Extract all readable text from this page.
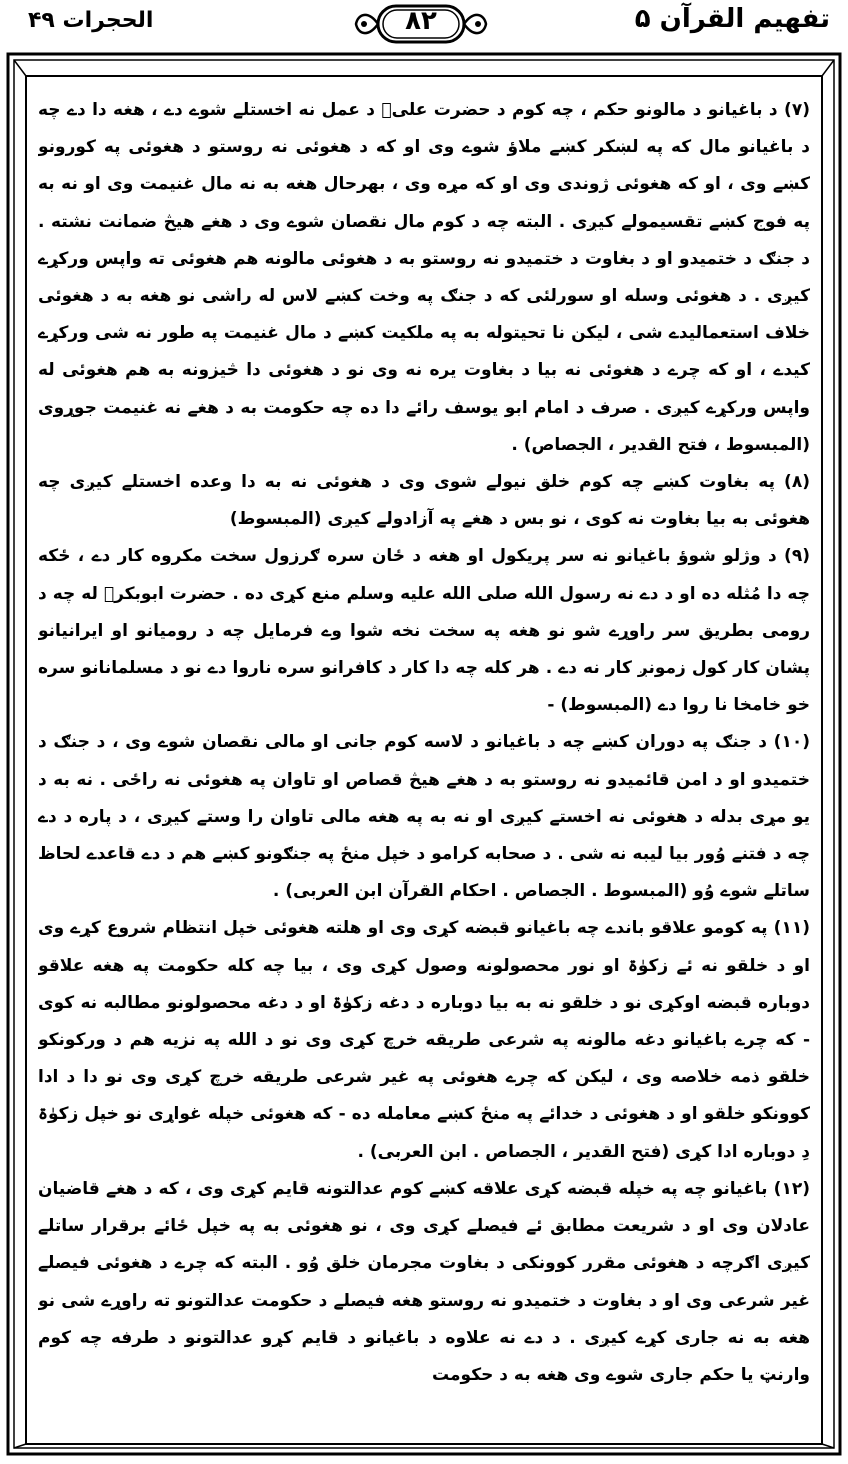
تفهیم القرآن ۵
۸۲
الحجرات ۴۹

(۷) د باغیانو د مالونو حکم ، چه کوم د حضرت علیؓ د عمل نه اخستلے شوے دے ، هغه دا دے چه د باغیانو مال که په لښکر کښے ملاؤ شوے وی او که د هغوئی نه روستو د هغوئی په کورونو کښے وی ، او که هغوئی ژوندی وی او که مړه وی ، بهرحال هغه به نه مال غنیمت وی او نه به په فوج کښے تقسیمولے کیږی . البته چه د کوم مال نقصان شوے وی د هغے هیڅ ضمانت نشته . د جنګ د ختمیدو او د بغاوت د ختمیدو نه روستو به د هغوئی مالونه هم هغوئی ته واپس ورکړے کیږی . د هغوئی وسله او سورلئی که د جنګ په وخت کښے لاس له راشی نو هغه به د هغوئی خلاف استعمالیدے شی ، لیکن نا تحیتوله به په ملکیت کښے د مال غنیمت په طور نه شی ورکړے کیدے ، او که چرے د هغوئی نه بیا د بغاوت یره نه وی نو د هغوئی دا څیزونه به هم هغوئی له واپس ورکړے کیږی . صرف د امام ابو یوسف رائے دا ده چه حکومت به د هغے نه غنیمت جوړوی (المبسوط ، فتح القدیر ، الجصاص) .

(۸) په بغاوت کښے چه کوم خلق نیولے شوی وی د هغوئی نه به دا وعده اخستلے کیږی چه هغوئی به بیا بغاوت نه کوی ، نو بس د هغے په آزادولے کیږی (المبسوط)

(۹) د وژلو شوؤ باغیانو نه سر پریکول او هغه د ځان سره ګرزول سخت مکروه کار دے ، ځکه چه دا مُثله ده او د دے نه رسول الله صلی الله علیه وسلم منع کړی ده . حضرت ابوبکرؓ له چه د رومی بطریق سر راوړے شو نو هغه په سخت نخه شوا وے فرمایل چه د رومیانو او ایرانیانو پشان کار کول زمونږ کار نه دے . هر کله چه دا کار د کافرانو سره ناروا دے نو د مسلمانانو سره خو خامخا نا روا دے (المبسوط) -

(۱۰) د جنګ په دوران کښے چه د باغیانو د لاسه کوم جانی او مالی نقصان شوے وی ، د جنګ د ختمیدو او د امن قائمیدو نه روستو به د هغے هیڅ قصاص او تاوان په هغوئی نه راځی . نه به د یو مړی بدله د هغوئی نه اخستے کیږی او نه به په هغه مالی تاوان را وستے کیږی ، د پاره د دے چه د فتنے وُور بیا لیبه نه شی . د صحابه کرامو د خپل منځ په جنګونو کښے هم د دے قاعدے لحاظ ساتلے شوے وُو (المبسوط . الجصاص . احکام القرآن ابن العربی) .

(۱۱) په کومو علاقو باندے چه باغیانو قبضه کړی وی او هلته هغوئی خپل انتظام شروع کړے وی او د خلقو نه ئے زکوٰۃ او نور محصولونه وصول کړی وی ، بیا چه کله حکومت په هغه علاقو دوباره قبضه اوکړی نو د خلقو نه به بیا دوباره د دغه زکوٰۃ او د دغه محصولونو مطالبه نه کوی - که چرے باغیانو دغه مالونه په شرعی طریقه خرچ کړی وی نو د الله په نزیه هم د ورکونکو خلقو ذمه خلاصه وی ، لیکن که چرے هغوئی په غیر شرعی طریقه خرچ کړی وی نو دا د ادا کوونکو خلقو او د هغوئی د خدائے په منځ کښے معامله ده - که هغوئی خپله غواړی نو خپل زکوٰۃ دِ دوباره ادا کړی (فتح القدیر ، الجصاص . ابن العربی) .

(۱۲) باغیانو چه په خپله قبضه کړی علاقه کښے کوم عدالتونه قایم کړی وی ، که د هغے قاضیان عادلان وی او د شریعت مطابق ئے فیصلے کړی وی ، نو هغوئی به په خپل ځائے برقرار ساتلے کیږی اګرچه د هغوئی مقرر کوونکی د بغاوت مجرمان خلق وُو . البته که چرے د هغوئی فیصلے غیر شرعی وی او د بغاوت د ختمیدو نه روستو هغه فیصلے د حکومت عدالتونو ته راوړے شی نو هغه به نه جاری کړے کیږی . د دے نه علاوه د باغیانو د قایم کړو عدالتونو د طرفه چه کوم وارنټ یا حکم جاری شوے وی هغه به د حکومت
